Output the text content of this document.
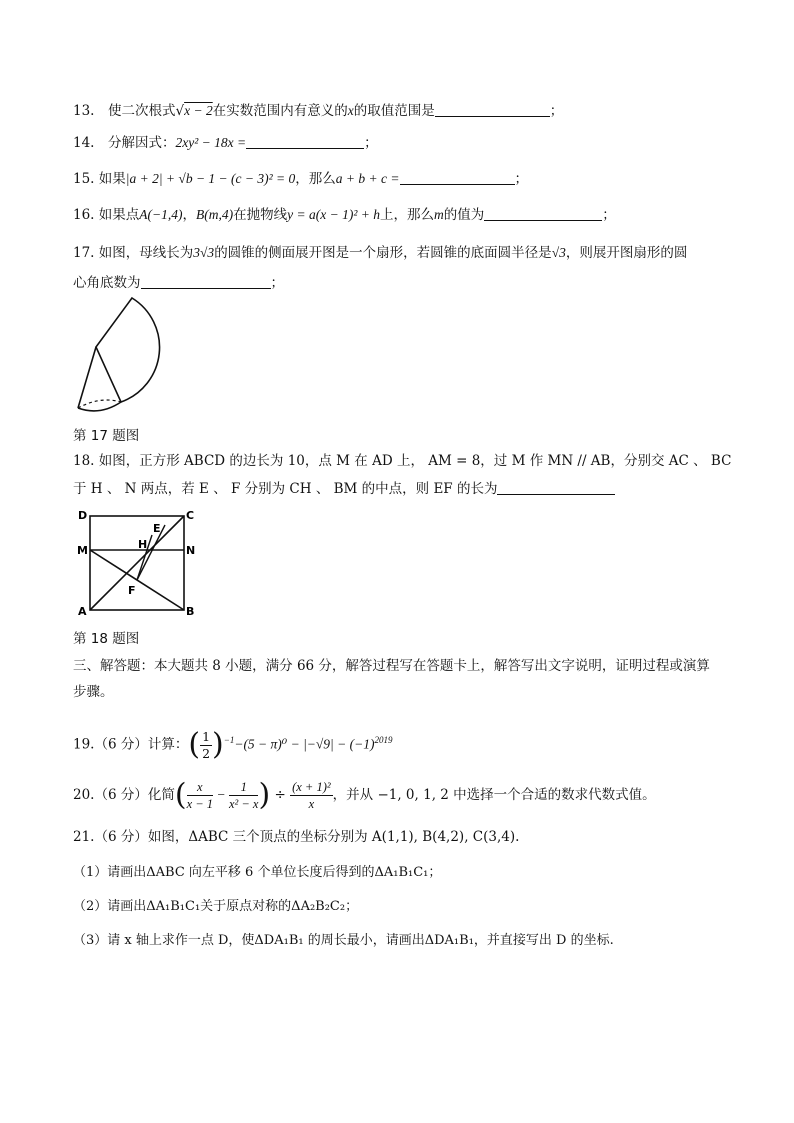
13.　使二次根式√x − 2在实数范围内有意义的x的取值范围是	；
14.　分解因式：2xy² − 18x =	；
15. 如果|a + 2| + √b − 1 − (c − 3)² = 0，那么a + b + c =	；
16. 如果点A(−1,4)，B(m,4)在抛物线y = a(x − 1)² + h上，那么m的值为	；
17. 如图，母线长为3√3的圆锥的侧面展开图是一个扇形，若圆锥的底面圆半径是√3，则展开图扇形的圆
心角底数为	；
第 17 题图
18. 如图，正方形 ABCD 的边长为 10，点 M 在 AD 上， AM = 8，过 M 作 MN // AB，分别交 AC 、 BC
于 H 、 N 两点，若 E 、 F 分别为 CH 、 BM 的中点，则 EF 的长为
D	C
M	N
A	B
E
H
F
第 18 题图
三、解答题：本大题共 8 小题，满分 66 分，解答过程写在答题卡上，解答写出文字说明，证明过程或演算
步骤。
19.（6 分）计算：( $\frac{1}{2} )^{-1}-(5 - \pi)^0 - |-√9| - (-1)^{2019}$
20.（6 分）化简( $\frac{x}{x - 1} - \frac{1}{\text{x² − x}}$ ) ÷ $\frac{\text{(x + 1)²}}{x}$ ，并从 −1, 0, 1, 2 中选择一个合适的数求代数式值。
21.（6 分）如图，ΔABC 三个顶点的坐标分别为 A(1,1), B(4,2), C(3,4).
（1）请画出ΔABC 向左平移 6 个单位长度后得到的ΔA₁B₁C₁；
（2）请画出ΔA₁B₁C₁关于原点对称的ΔA₂B₂C₂；
（3）请 x 轴上求作一点 D，使ΔDA₁B₁ 的周长最小，请画出ΔDA₁B₁，并直接写出 D 的坐标.
